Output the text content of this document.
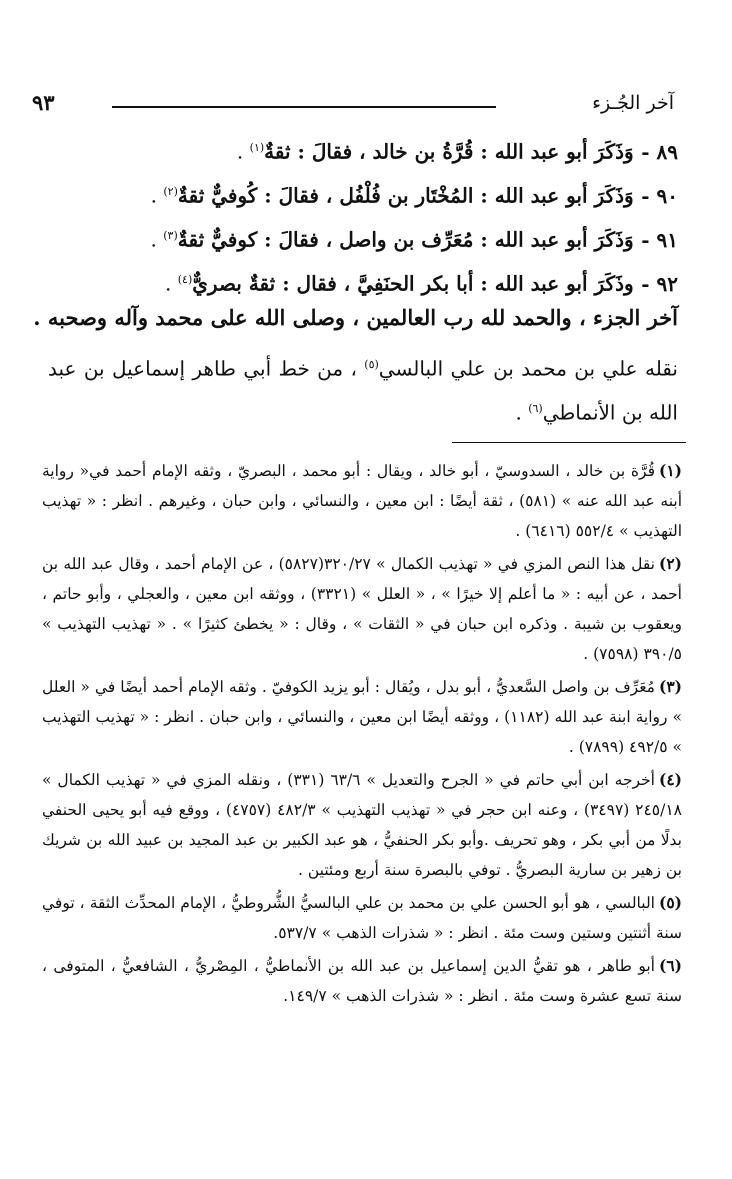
آخر الجُـزء
٩٣
٨٩ - وَذَكَرَ أبو عبد الله : قُرَّةُ بن خالد ، فقالَ : ثقةٌ$^{(١)}$ .
٩٠ - وَذَكَرَ أبو عبد الله : المُخْتَار بن فُلْفُل ، فقالَ : كُوفيٌّ ثقةٌ$^{(٢)}$ .
٩١ - وَذَكَرَ أبو عبد الله : مُعَرِّف بن واصل ، فقالَ : كوفيٌّ ثقةٌ$^{(٣)}$ .
٩٢ - وذَكَرَ أبو عبد الله : أبا بكر الحنَفِيَّ ، فقال : ثقةٌ بصريٌّ$^{(٤)}$ .
آخر الجزء ، والحمد لله رب العالمين ، وصلى الله على محمد وآله وصحبه .
نقله علي بن محمد بن علي البالسي$^{(٥)}$ ، من خط أبي طاهر إسماعيل بن عبد الله بن الأنماطي$^{(٦)}$ .

(١)قُرَّة بن خالد ، السدوسيّ ، أبو خالد ، ويقال : أبو محمد ، البصريّ ، وثقه الإمام أحمد في« رواية أبنه عبد الله عنه » (٥٨١) ، ثقة أيضًا : ابن معين ، والنسائي ، وابن حبان ، وغيرهم . انظر : « تهذيب التهذيب » ٥٥٢/٤ (٦٤١٦) .

(٢)نقل هذا النص المزي في « تهذيب الكمال » ٣٢٠/٢٧(٥٨٢٧) ، عن الإمام أحمد ، وقال عبد الله بن أحمد ، عن أبيه : « ما أعلم إلا خيرًا » ، « العلل » (٣٣٢١) ، ووثقه ابن معين ، والعجلي ، وأبو حاتم ، ويعقوب بن شيبة . وذكره ابن حبان في « الثقات » ، وقال : « يخطئ كثيرًا » . « تهذيب التهذيب » ٣٩٠/٥ (٧٥٩٨) .

(٣)مُعَرِّف بن واصل السَّعديُّ ، أبو بدل ، ويُقال : أبو يزيد الكوفيّ . وثقه الإمام أحمد أيضًا في « العلل » رواية ابنة عبد الله (١١٨٢) ، ووثقه أيضًا ابن معين ، والنسائي ، وابن حبان . انظر : « تهذيب التهذيب » ٤٩٢/٥ (٧٨٩٩) .

(٤)أخرجه ابن أبي حاتم في « الجرح والتعديل » ٦٣/٦ (٣٣١) ، ونقله المزي في « تهذيب الكمال » ٢٤٥/١٨ (٣٤٩٧) ، وعنه ابن حجر في « تهذيب التهذيب » ٤٨٢/٣ (٤٧٥٧) ، ووقع فيه أبو يحيى الحنفي بدلًا من أبي بكر ، وهو تحريف .وأبو بكر الحنفيُّ ، هو عبد الكبير بن عبد المجيد بن عبيد الله بن شريك بن زهير بن سارية البصريُّ . توفي بالبصرة سنة أربع ومئتين .

(٥)البالسي ، هو أبو الحسن علي بن محمد بن علي البالسيُّ الشُّروطيُّ ، الإمام المحدِّث الثقة ، توفي سنة أثنتين وستين وست مئة . انظر : « شذرات الذهب » ٥٣٧/٧.

(٦)أبو طاهر ، هو تقيُّ الدين إسماعيل بن عبد الله بن الأنماطيُّ ، المِصْريُّ ، الشافعيُّ ، المتوفى ، سنة تسع عشرة وست مئة . انظر : « شذرات الذهب » ١٤٩/٧.
